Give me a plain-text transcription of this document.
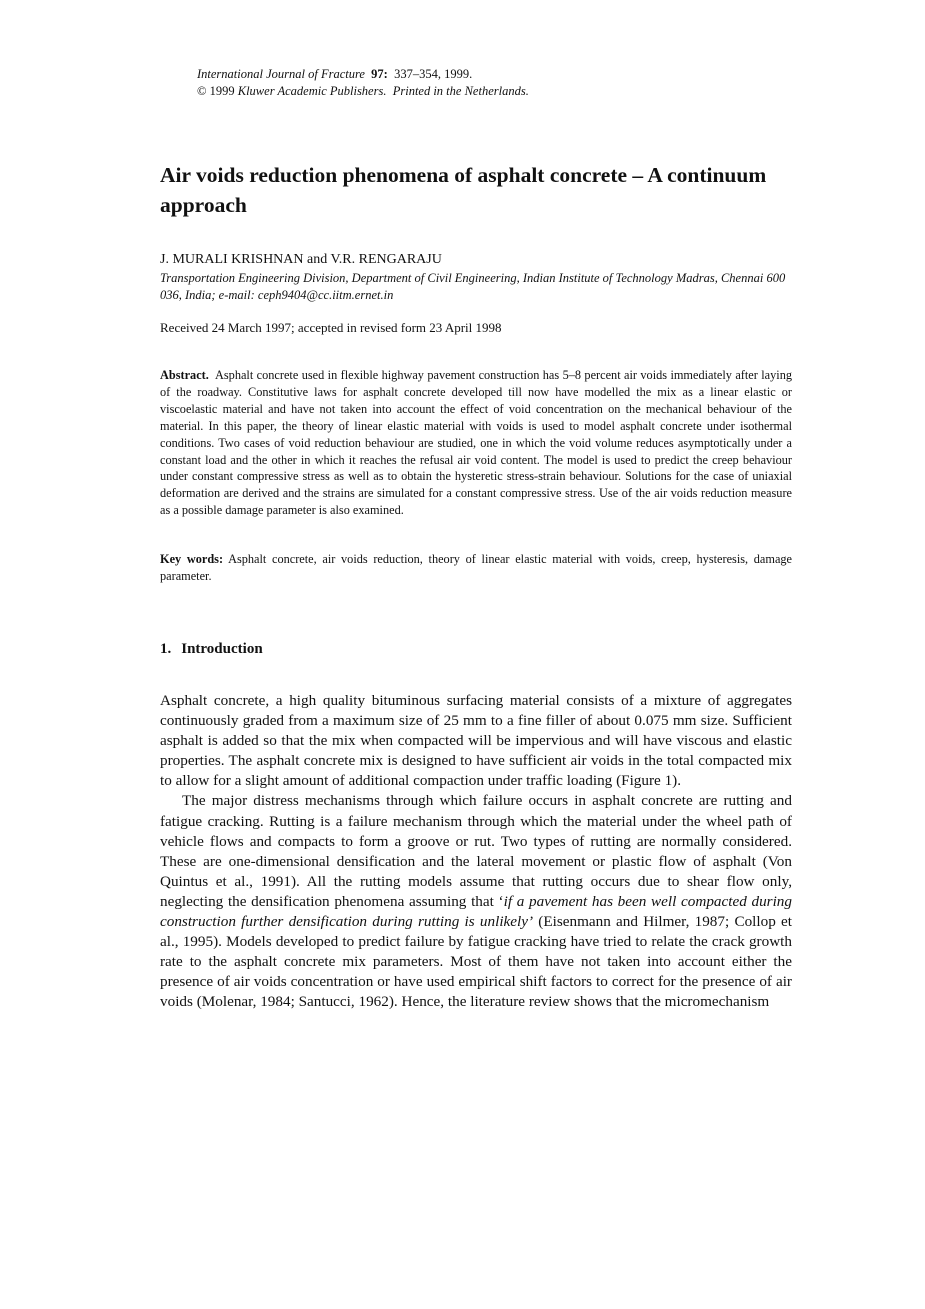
International Journal of Fracture 97: 337–354, 1999.
© 1999 Kluwer Academic Publishers. Printed in the Netherlands.
Air voids reduction phenomena of asphalt concrete – A continuum approach
J. MURALI KRISHNAN and V.R. RENGARAJU
Transportation Engineering Division, Department of Civil Engineering, Indian Institute of Technology Madras, Chennai 600 036, India; e-mail: ceph9404@cc.iitm.ernet.in
Received 24 March 1997; accepted in revised form 23 April 1998
Abstract. Asphalt concrete used in flexible highway pavement construction has 5–8 percent air voids immediately after laying of the roadway. Constitutive laws for asphalt concrete developed till now have modelled the mix as a linear elastic or viscoelastic material and have not taken into account the effect of void concentration on the mechanical behaviour of the material. In this paper, the theory of linear elastic material with voids is used to model asphalt concrete under isothermal conditions. Two cases of void reduction behaviour are studied, one in which the void volume reduces asymptotically under a constant load and the other in which it reaches the refusal air void content. The model is used to predict the creep behaviour under constant compressive stress as well as to obtain the hysteretic stress-strain behaviour. Solutions for the case of uniaxial deformation are derived and the strains are simulated for a constant compressive stress. Use of the air voids reduction measure as a possible damage parameter is also examined.
Key words: Asphalt concrete, air voids reduction, theory of linear elastic material with voids, creep, hysteresis, damage parameter.
1. Introduction

Asphalt concrete, a high quality bituminous surfacing material consists of a mixture of aggregates continuously graded from a maximum size of 25 mm to a fine filler of about 0.075 mm size. Sufficient asphalt is added so that the mix when compacted will be impervious and will have viscous and elastic properties. The asphalt concrete mix is designed to have sufficient air voids in the total compacted mix to allow for a slight amount of additional compaction under traffic loading (Figure 1).

The major distress mechanisms through which failure occurs in asphalt concrete are rutting and fatigue cracking. Rutting is a failure mechanism through which the material under the wheel path of vehicle flows and compacts to form a groove or rut. Two types of rutting are normally considered. These are one-dimensional densification and the lateral movement or plastic flow of asphalt (Von Quintus et al., 1991). All the rutting models assume that rutting occurs due to shear flow only, neglecting the densification phenomena assuming that ‘if a pavement has been well compacted during construction further densification during rutting is unlikely’ (Eisenmann and Hilmer, 1987; Collop et al., 1995). Models developed to predict failure by fatigue cracking have tried to relate the crack growth rate to the asphalt concrete mix parameters. Most of them have not taken into account either the presence of air voids concentration or have used empirical shift factors to correct for the presence of air voids (Molenar, 1984; Santucci, 1962). Hence, the literature review shows that the micromechanism
